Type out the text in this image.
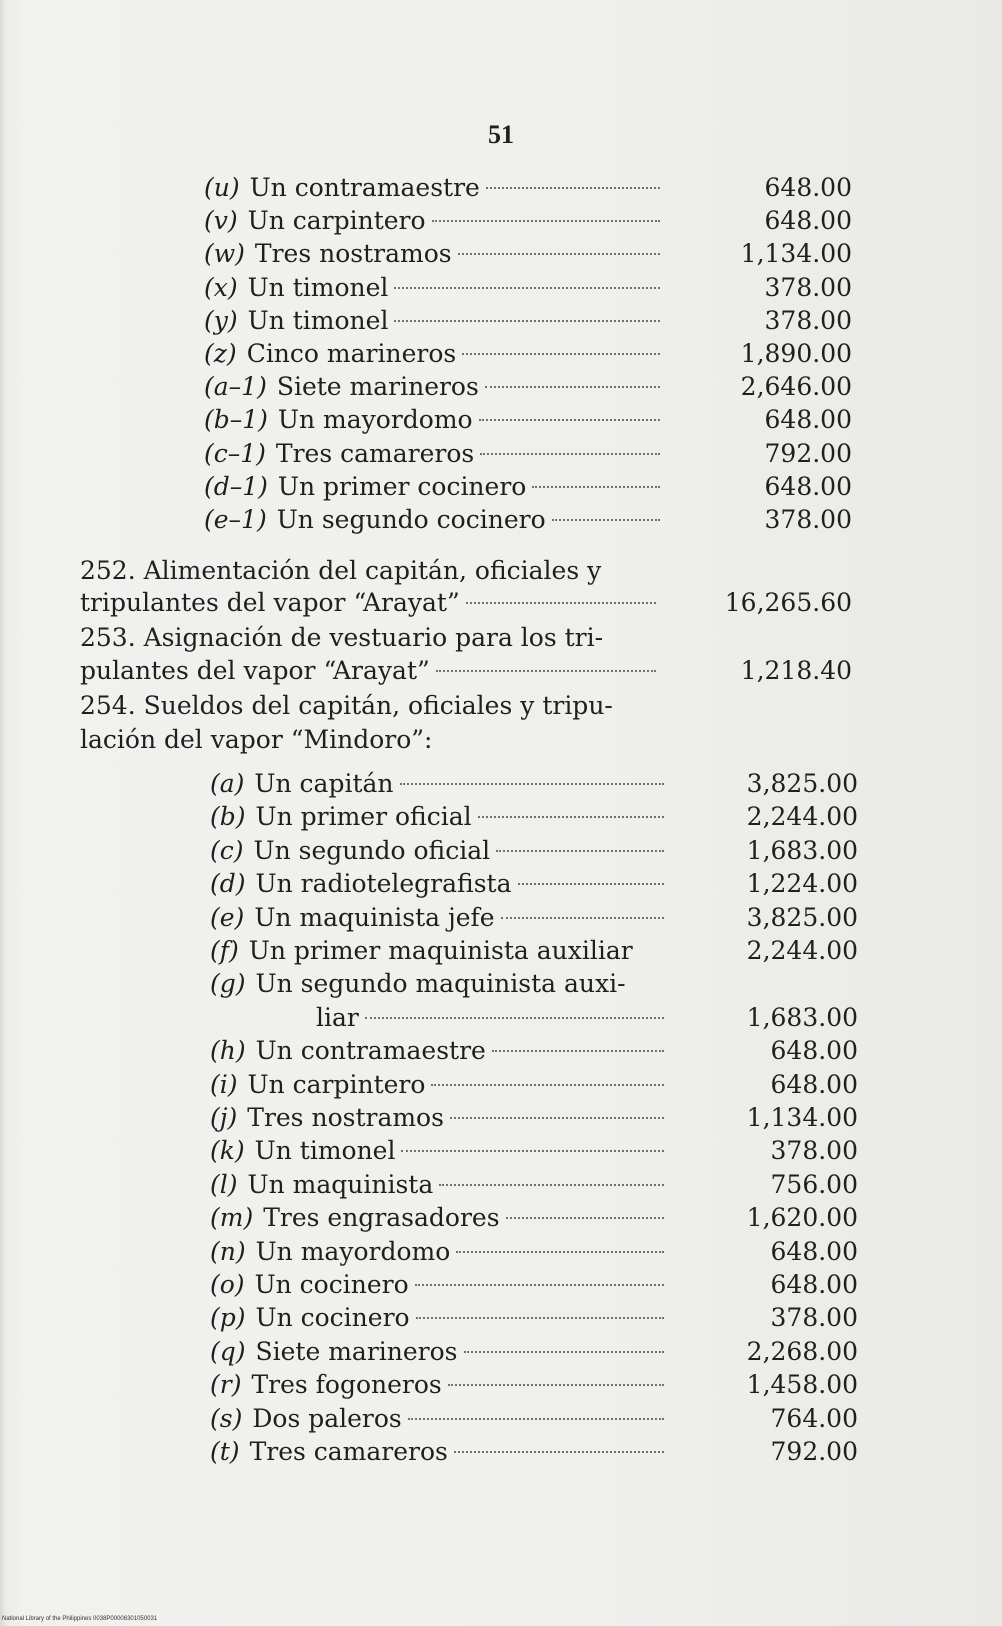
51
(u) Un contramaestre	648.00
(v) Un carpintero	648.00
(w) Tres nostramos	1,134.00
(x) Un timonel	378.00
(y) Un timonel	378.00
(z) Cinco marineros	1,890.00
(a–1) Siete marineros	2,646.00
(b–1) Un mayordomo	648.00
(c–1) Tres camareros	792.00
(d–1) Un primer cocinero	648.00
(e–1) Un segundo cocinero	378.00
252. Alimentación del capitán, oficiales y
tripulantes del vapor “Arayat”	16,265.60
253. Asignación de vestuario para los tri-
pulantes del vapor “Arayat”	1,218.40
254. Sueldos del capitán, oficiales y tripu-
lación del vapor “Mindoro”:
(a) Un capitán	3,825.00
(b) Un primer oficial	2,244.00
(c) Un segundo oficial	1,683.00
(d) Un radiotelegrafista	1,224.00
(e) Un maquinista jefe	3,825.00
(f) Un primer maquinista auxiliar	2,244.00
(g) Un segundo maquinista auxi-
liar	1,683.00
(h) Un contramaestre	648.00
(i) Un carpintero	648.00
(j) Tres nostramos	1,134.00
(k) Un timonel	378.00
(l) Un maquinista	756.00
(m) Tres engrasadores	1,620.00
(n) Un mayordomo	648.00
(o) Un cocinero	648.00
(p) Un cocinero	378.00
(q) Siete marineros	2,268.00
(r) Tres fogoneros	1,458.00
(s) Dos paleros	764.00
(t) Tres camareros	792.00
National Library of the Philippines 0038P00006301050031
